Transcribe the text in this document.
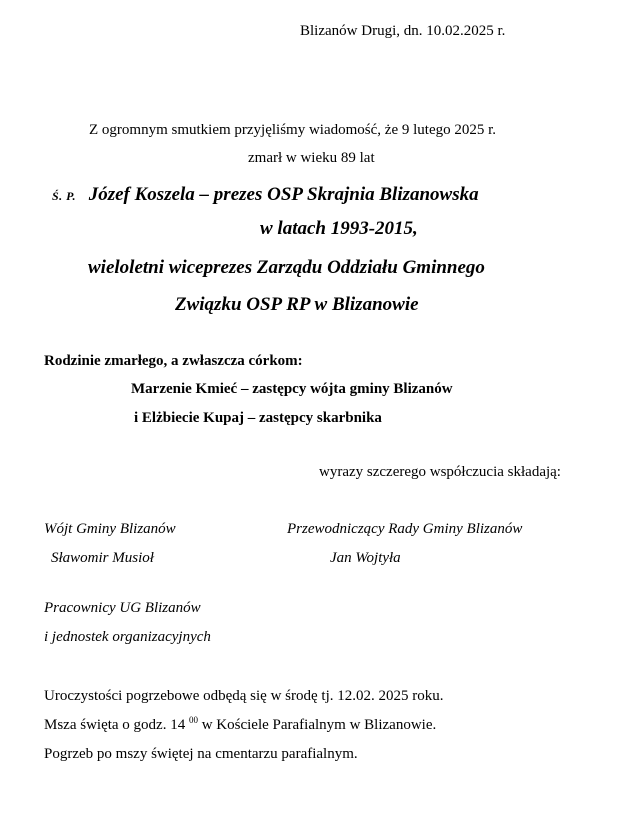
Blizanów Drugi, dn. 10.02.2025 r.
Z ogromnym smutkiem przyjęliśmy wiadomość, że 9 lutego 2025 r.
zmarł w wieku 89 lat
Ś. P. Józef Koszela – prezes OSP Skrajnia Blizanowska
w latach 1993-2015,
wieloletni wiceprezes Zarządu Oddziału Gminnego
Związku OSP RP w Blizanowie
Rodzinie zmarłego, a zwłaszcza córkom:
Marzenie Kmieć – zastępcy wójta gminy Blizanów
i Elżbiecie Kupaj – zastępcy skarbnika
wyrazy szczerego współczucia składają:
Wójt Gminy Blizanów
Sławomir Musioł
Przewodniczący Rady Gminy Blizanów
Jan Wojtyła
Pracownicy UG Blizanów
i jednostek organizacyjnych
Uroczystości pogrzebowe odbędą się w środę tj. 12.02. 2025 roku.
Msza święta o godz. 14 $^{00}$ w Kościele Parafialnym w Blizanowie.
Pogrzeb po mszy świętej na cmentarzu parafialnym.
